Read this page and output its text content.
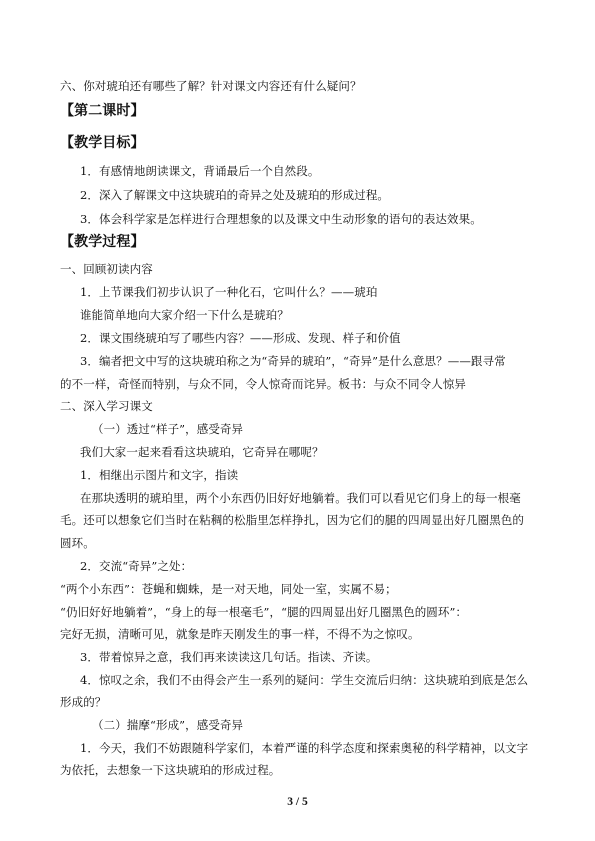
六、你对琥珀还有哪些了解？针对课文内容还有什么疑问？
【第二课时】
【教学目标】
1．有感情地朗读课文，背诵最后一个自然段。
2．深入了解课文中这块琥珀的奇异之处及琥珀的形成过程。
3．体会科学家是怎样进行合理想象的以及课文中生动形象的语句的表达效果。
【教学过程】
一、回顾初读内容
1．上节课我们初步认识了一种化石，它叫什么？——琥珀
谁能简单地向大家介绍一下什么是琥珀？
2．课文围绕琥珀写了哪些内容？——形成、发现、样子和价值
3．编者把文中写的这块琥珀称之为“奇异的琥珀”，“奇异”是什么意思？——跟寻常
的不一样，奇怪而特别，与众不同，令人惊奇而诧异。板书：与众不同令人惊异
二、深入学习课文
（一）透过“样子”，感受奇异
我们大家一起来看看这块琥珀，它奇异在哪呢？
1．相继出示图片和文字，指读
在那块透明的琥珀里，两个小东西仍旧好好地躺着。我们可以看见它们身上的每一根毫
毛。还可以想象它们当时在粘稠的松脂里怎样挣扎，因为它们的腿的四周显出好几圈黑色的
圆环。
2．交流“奇异”之处：
“两个小东西”：苍蝇和蜘蛛，是一对天地，同处一室，实属不易；
“仍旧好好地躺着”，“身上的每一根毫毛”，“腿的四周显出好几圈黑色的圆环”：
完好无损，清晰可见，就象是昨天刚发生的事一样，不得不为之惊叹。
3．带着惊异之意，我们再来读读这几句话。指读、齐读。
4．惊叹之余，我们不由得会产生一系列的疑问：学生交流后归纳：这块琥珀到底是怎么
形成的？
（二）揣摩“形成”，感受奇异
1．今天，我们不妨跟随科学家们，本着严谨的科学态度和探索奥秘的科学精神，以文字
为依托，去想象一下这块琥珀的形成过程。
3 / 5
